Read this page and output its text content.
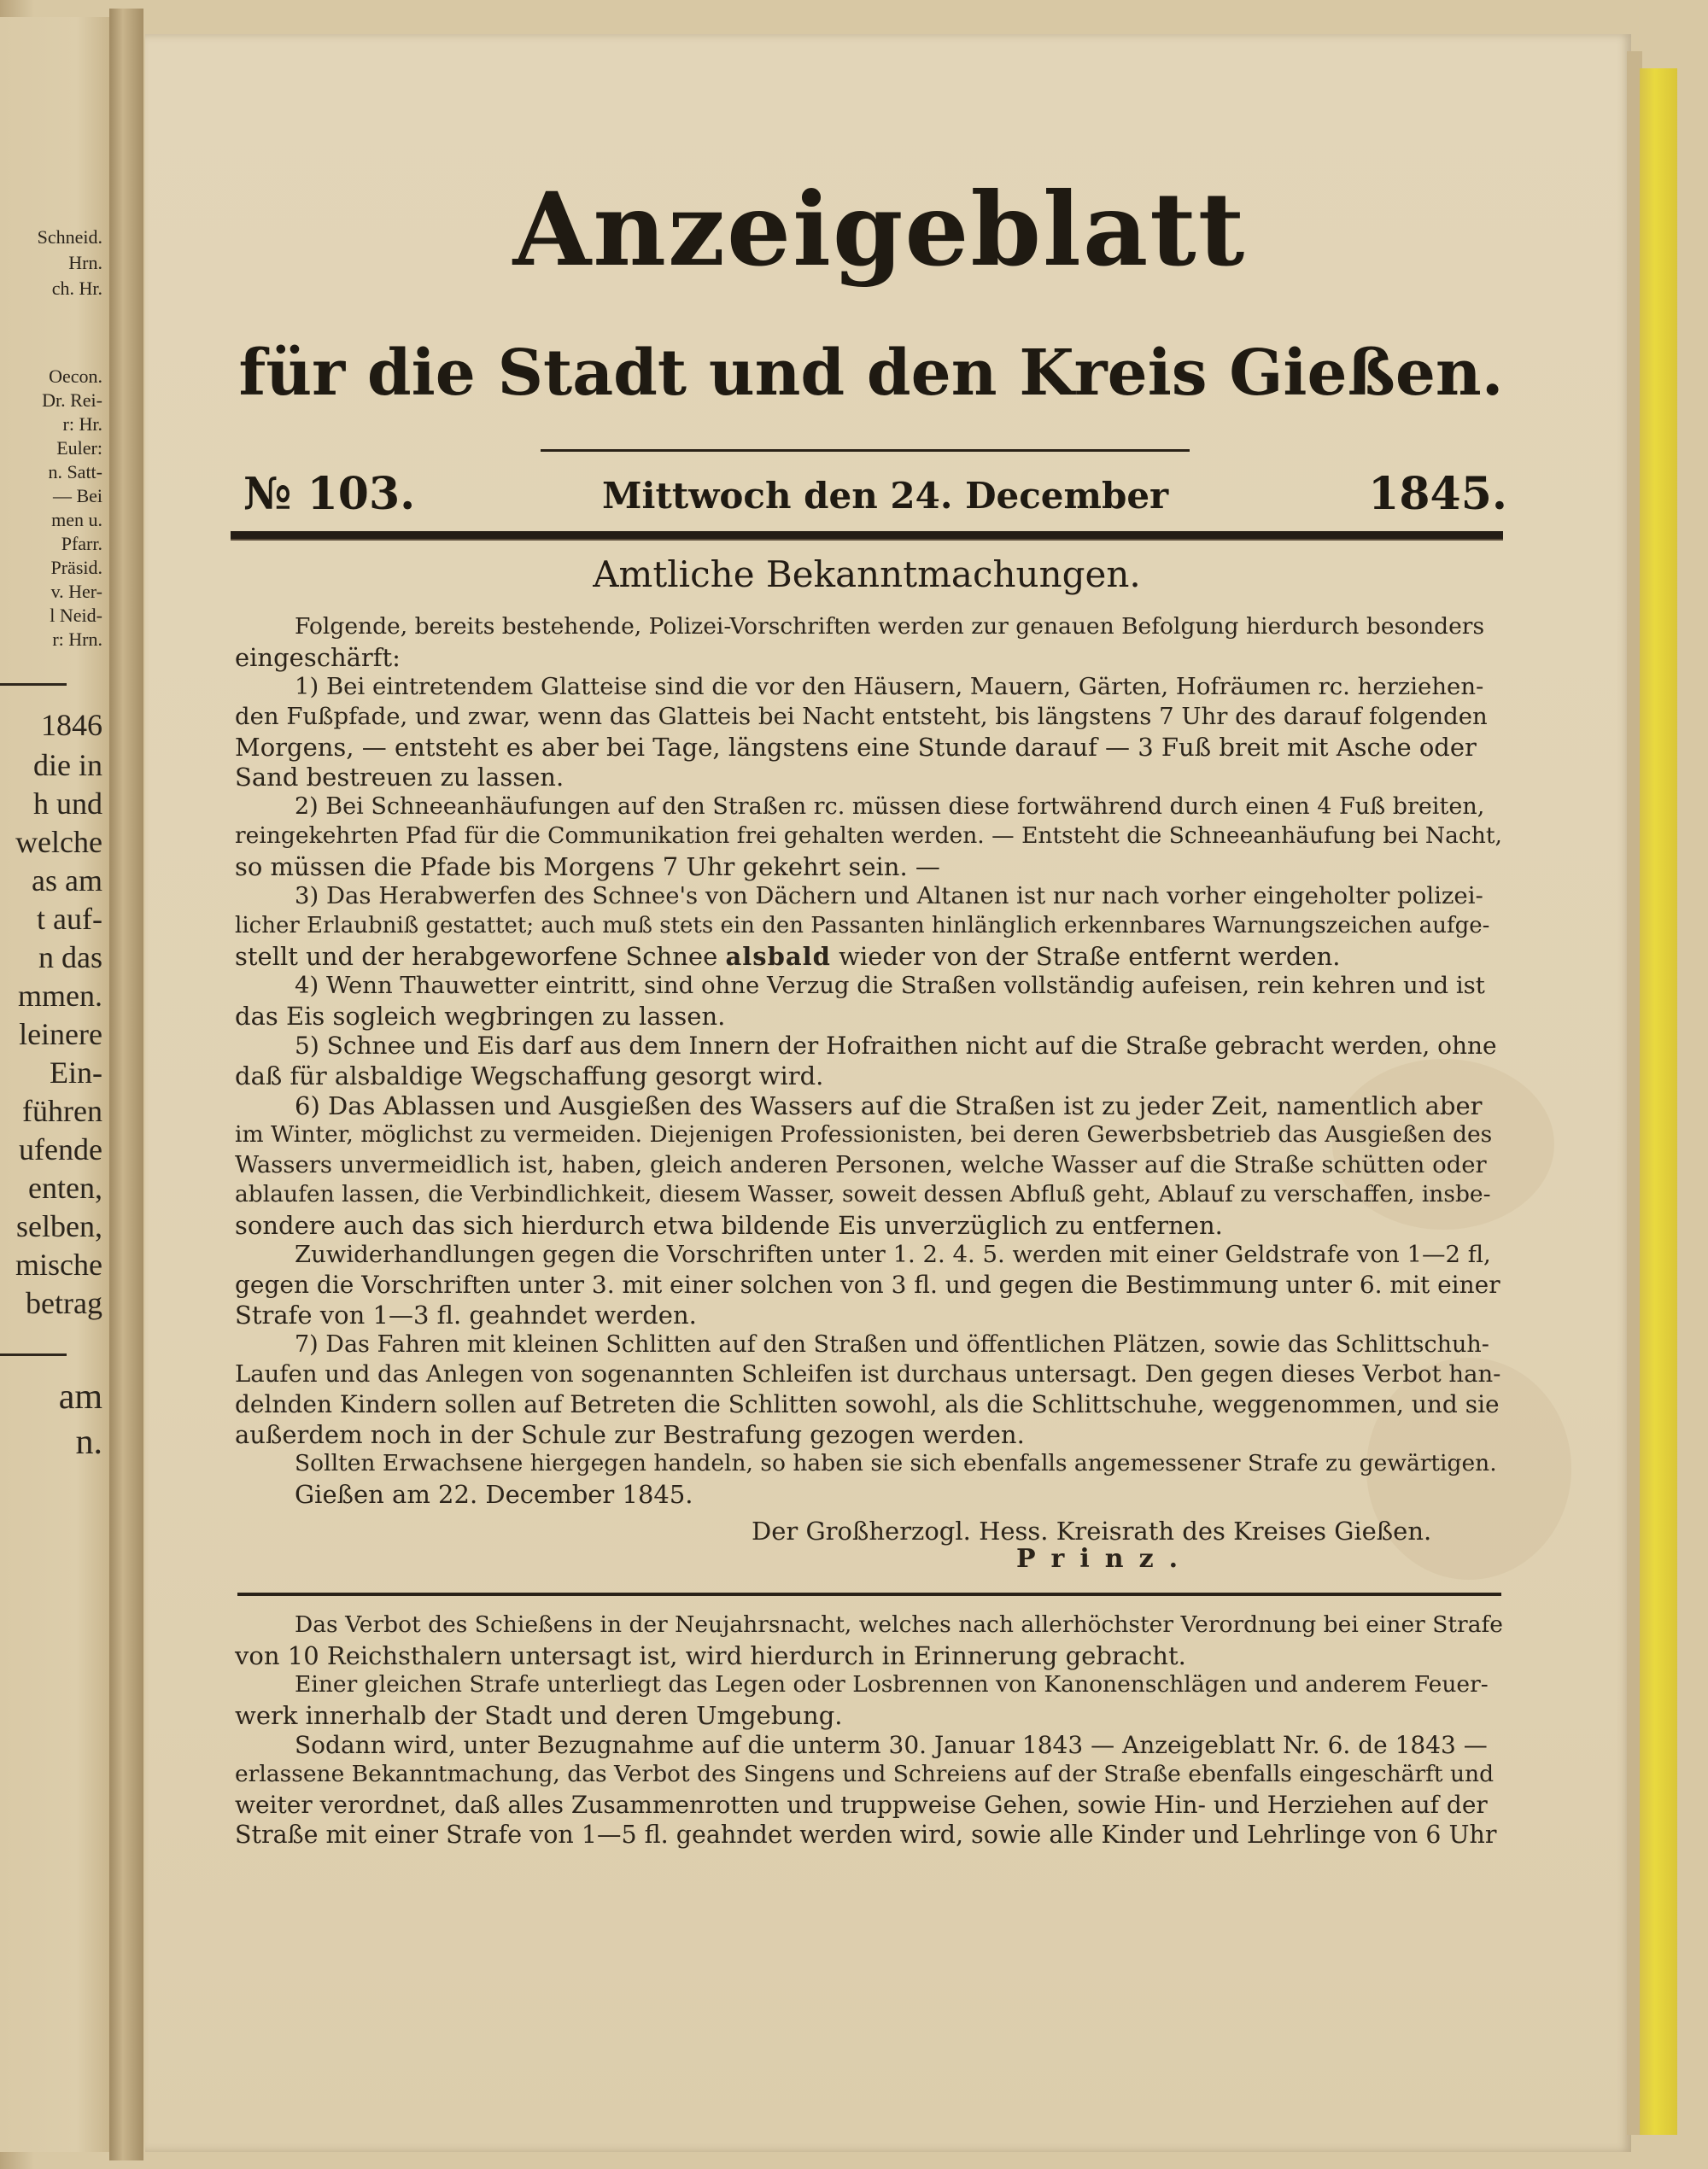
Schneid.
Hrn.
ch. Hr.
Oecon.
Dr. Rei-
r: Hr.
Euler:
n. Satt-
— Bei
men u.
Pfarr.
Präsid.
v. Her-
l Neid-
r: Hrn.
1846
die in
h und
welche
as am
t auf-
n das
mmen.
leinere
Ein-
führen
ufende
enten,
selben,
mische
betrag
am
n.
Anzeigeblatt
für die Stadt und den Kreis Gießen.
№ 103.	Mittwoch den 24. December	1845.
Amtliche Bekanntmachungen.
Folgende, bereits bestehende, Polizei-Vorschriften werden zur genauen Befolgung hierdurch besonders
eingeschärft:
1) Bei eintretendem Glatteise sind die vor den Häusern, Mauern, Gärten, Hofräumen rc. herziehen-
den Fußpfade, und zwar, wenn das Glatteis bei Nacht entsteht, bis längstens 7 Uhr des darauf folgenden
Morgens, — entsteht es aber bei Tage, längstens eine Stunde darauf — 3 Fuß breit mit Asche oder
Sand bestreuen zu lassen.
2) Bei Schneeanhäufungen auf den Straßen rc. müssen diese fortwährend durch einen 4 Fuß breiten,
reingekehrten Pfad für die Communikation frei gehalten werden. — Entsteht die Schneeanhäufung bei Nacht,
so müssen die Pfade bis Morgens 7 Uhr gekehrt sein. —
3) Das Herabwerfen des Schnee's von Dächern und Altanen ist nur nach vorher eingeholter polizei-
licher Erlaubniß gestattet; auch muß stets ein den Passanten hinlänglich erkennbares Warnungszeichen aufge-
stellt und der herabgeworfene Schnee alsbald wieder von der Straße entfernt werden.
4) Wenn Thauwetter eintritt, sind ohne Verzug die Straßen vollständig aufeisen, rein kehren und ist
das Eis sogleich wegbringen zu lassen.
5) Schnee und Eis darf aus dem Innern der Hofraithen nicht auf die Straße gebracht werden, ohne
daß für alsbaldige Wegschaffung gesorgt wird.
6) Das Ablassen und Ausgießen des Wassers auf die Straßen ist zu jeder Zeit, namentlich aber
im Winter, möglichst zu vermeiden. Diejenigen Professionisten, bei deren Gewerbsbetrieb das Ausgießen des
Wassers unvermeidlich ist, haben, gleich anderen Personen, welche Wasser auf die Straße schütten oder
ablaufen lassen, die Verbindlichkeit, diesem Wasser, soweit dessen Abfluß geht, Ablauf zu verschaffen, insbe-
sondere auch das sich hierdurch etwa bildende Eis unverzüglich zu entfernen.
Zuwiderhandlungen gegen die Vorschriften unter 1. 2. 4. 5. werden mit einer Geldstrafe von 1—2 fl,
gegen die Vorschriften unter 3. mit einer solchen von 3 fl. und gegen die Bestimmung unter 6. mit einer
Strafe von 1—3 fl. geahndet werden.
7) Das Fahren mit kleinen Schlitten auf den Straßen und öffentlichen Plätzen, sowie das Schlittschuh-
Laufen und das Anlegen von sogenannten Schleifen ist durchaus untersagt. Den gegen dieses Verbot han-
delnden Kindern sollen auf Betreten die Schlitten sowohl, als die Schlittschuhe, weggenommen, und sie
außerdem noch in der Schule zur Bestrafung gezogen werden.
Sollten Erwachsene hiergegen handeln, so haben sie sich ebenfalls angemessener Strafe zu gewärtigen.
Gießen am 22. December 1845.
Der Großherzogl. Hess. Kreisrath des Kreises Gießen.
Prinz.
Das Verbot des Schießens in der Neujahrsnacht, welches nach allerhöchster Verordnung bei einer Strafe
von 10 Reichsthalern untersagt ist, wird hierdurch in Erinnerung gebracht.
Einer gleichen Strafe unterliegt das Legen oder Losbrennen von Kanonenschlägen und anderem Feuer-
werk innerhalb der Stadt und deren Umgebung.
Sodann wird, unter Bezugnahme auf die unterm 30. Januar 1843 — Anzeigeblatt Nr. 6. de 1843 —
erlassene Bekanntmachung, das Verbot des Singens und Schreiens auf der Straße ebenfalls eingeschärft und
weiter verordnet, daß alles Zusammenrotten und truppweise Gehen, sowie Hin- und Herziehen auf der
Straße mit einer Strafe von 1—5 fl. geahndet werden wird, sowie alle Kinder und Lehrlinge von 6 Uhr
